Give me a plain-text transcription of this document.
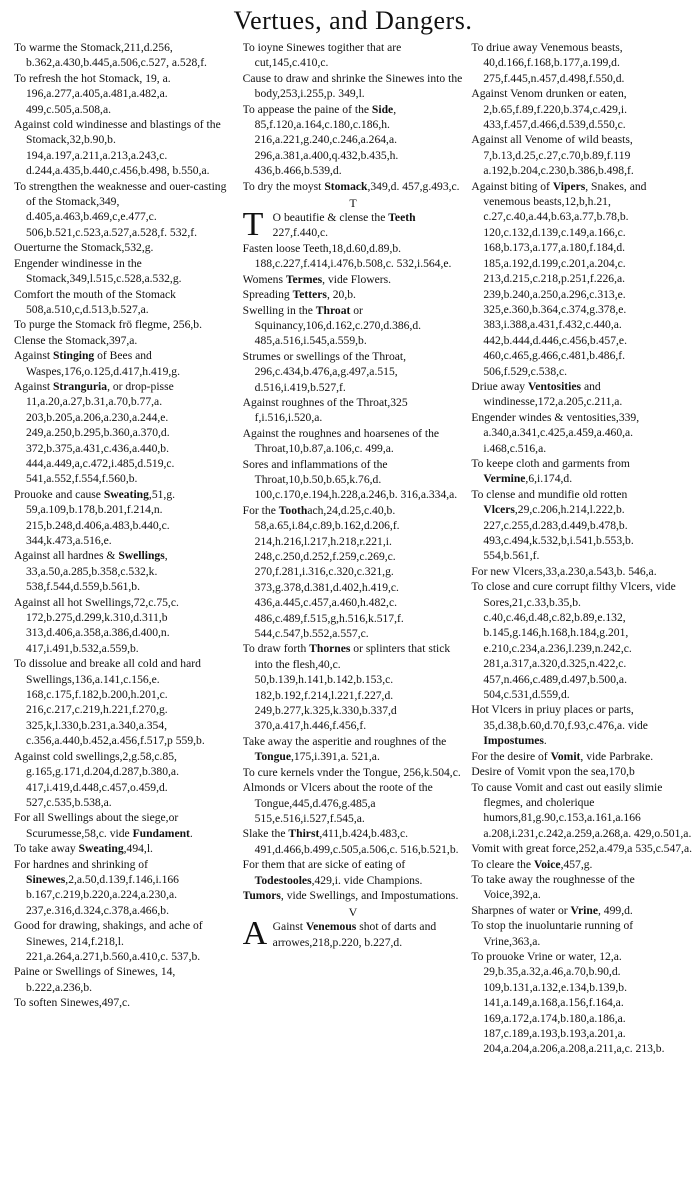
Vertues, and Dangers.

To warme the Stomack,211,d.256, b.362,a.430,b.445,a.506,c.527, a.528,f.

To refresh the hot Stomack, 19, a. 196,a.277,a.405,a.481,a.482,a. 499,c.505,a.508,a.

Against cold windinesse and blastings of the Stomack,32,b.90,b. 194,a.197,a.211,a.213,a.243,c. d.244,a.435,b.440,c.456,b.498, b.550,a.

To strengthen the weaknesse and ouer-casting of the Stomack,349, d.405,a.463,b.469,c,e.477,c. 506,b.521,c.523,a.527,a.528,f. 532,f.

Ouerturne the Stomack,532,g.

Engender windinesse in the Stomack,349,l.515,c.528,a.532,g.

Comfort the mouth of the Stomack 508,a.510,c,d.513,b.527,a.

To purge the Stomack frö flegme, 256,b.

Clense the Stomack,397,a.

Against Stinging of Bees and Waspes,176,o.125,d.417,h.419,g.

Against Stranguria, or drop-pisse 11,a.20,a.27,b.31,a.70,b.77,a. 203,b.205,a.206,a.230,a.244,e. 249,a.250,b.295,b.360,a.370,d. 372,b.375,a.431,c.436,a.440,b. 444,a.449,a,c.472,i.485,d.519,c. 541,a.552,f.554,f.560,b.

Prouoke and cause Sweating,51,g. 59,a.109,b.178,b.201,f.214,n. 215,b.248,d.406,a.483,b.440,c. 344,k.473,a.516,e.

Against all hardnes & Swellings, 33,a.50,a.285,b.358,c.532,k. 538,f.544,d.559,b.561,b.

Against all hot Swellings,72,c.75,c. 172,b.275,d.299,k.310,d.311,b 313,d.406,a.358,a.386,d.400,n. 417,i.491,b.532,a.559,b.

To dissolue and breake all cold and hard Swellings,136,a.141,c.156,e. 168,c.175,f.182,b.200,h.201,c. 216,c.217,c.219,h.221,f.270,g. 325,k,l.330,b.231,a.340,a.354, c.356,a.440,b.452,a.456,f.517,p 559,b.

Against cold swellings,2,g.58,c.85, g.165,g.171,d.204,d.287,b.380,a. 417,i.419,d.448,c.457,o.459,d. 527,c.535,b.538,a.

For all Swellings about the siege,or Scurumesse,58,c. vide Fundament.

To take away Sweating,494,l.

For hardnes and shrinking of Sinewes,2,a.50,d.139,f.146,i.166 b.167,c.219,b.220,a.224,a.230,a. 237,e.316,d.324,c.378,a.466,b.

Good for drawing, shakings, and ache of Sinewes, 214,f.218,l. 221,a.264,a.271,b.560,a.410,c. 537,b.

Paine or Swellings of Sinewes, 14, b.222,a.236,b.

To soften Sinewes,497,c.

To ioyne Sinewes togither that are cut,145,c.410,c.

Cause to draw and shrinke the Sinewes into the body,253,i.255,p. 349,l.

To appease the paine of the Side, 85,f.120,a.164,c.180,c.186,h. 216,a.221,g.240,c.246,a.264,a. 296,a.381,a.400,q.432,b.435,h. 436,b.466,b.539,d.

To dry the moyst Stomack,349,d. 457,g.493,c.

T

T O beautifie & clense the Teeth 227,f.440,c.

Fasten loose Teeth,18,d.60,d.89,b. 188,c.227,f.414,i.476,b.508,c. 532,i.564,e.

Womens Termes, vide Flowers.

Spreading Tetters, 20,b.

Swelling in the Throat or Squinancy,106,d.162,c.270,d.386,d. 485,a.516,i.545,a.559,b.

Strumes or swellings of the Throat, 296,c.434,b.476,a,g.497,a.515, d.516,i.419,b.527,f.

Against roughnes of the Throat,325 f,i.516,i.520,a.

Against the roughnes and hoarsenes of the Throat,10,b.87,a.106,c. 499,a.

Sores and inflammations of the Throat,10,b.50,b.65,k.76,d. 100,c.170,e.194,h.228,a.246,b. 316,a.334,a.

For the Toothach,24,d.25,c.40,b. 58,a.65,i.84,c.89,b.162,d.206,f. 214,h.216,l.217,h.218,r.221,i. 248,c.250,d.252,f.259,c.269,c. 270,f.281,i.316,c.320,c.321,g. 373,g.378,d.381,d.402,h.419,c. 436,a.445,c.457,a.460,h.482,c. 486,c.489,f.515,g,h.516,k.517,f. 544,c.547,b.552,a.557,c.

To draw forth Thornes or splinters that stick into the flesh,40,c. 50,b.139,h.141,b.142,b.153,c. 182,b.192,f.214,l.221,f.227,d. 249,b.277,k.325,k.330,b.337,d 370,a.417,h.446,f.456,f.

Take away the asperitie and roughnes of the Tongue,175,i.391,a. 521,a.

To cure kernels vnder the Tongue, 256,k.504,c.

Almonds or Vlcers about the roote of the Tongue,445,d.476,g.485,a 515,e.516,i.527,f.545,a.

Slake the Thirst,411,b.424,b.483,c. 491,d.466,b.499,c.505,a.506,c. 516,b.521,b.

For them that are sicke of eating of Todestooles,429,i. vide Champions.

Tumors, vide Swellings, and Impostumations.

V

A Gainst Venemous shot of darts and arrowes,218,p.220, b.227,d.

To driue away Venemous beasts, 40,d.166,f.168,b.177,a.199,d. 275,f.445,n.457,d.498,f.550,d.

Against Venom drunken or eaten, 2,b.65,f.89,f.220,b.374,c.429,i. 433,f.457,d.466,d.539,d.550,c.

Against all Venome of wild beasts, 7,b.13,d.25,c.27,c.70,b.89,f.119 a.192,b.204,c.230,b.386,b.498,f.

Against biting of Vipers, Snakes, and venemous beasts,12,b,h.21, c.27,c.40,a.44,b.63,a.77,b.78,b. 120,c.132,d.139,c.149,a.166,c. 168,b.173,a.177,a.180,f.184,d. 185,a.192,d.199,c.201,a.204,c. 213,d.215,c.218,p.251,f.226,a. 239,b.240,a.250,a.296,c.313,e. 325,e.360,b.364,c.374,g.378,e. 383,i.388,a.431,f.432,c.440,a. 442,b.444,d.446,c.456,b.457,e. 460,c.465,g.466,c.481,b.486,f. 506,f.529,c.538,c.

Driue away Ventosities and windinesse,172,a.205,c.211,a.

Engender windes & ventosities,339, a.340,a.341,c.425,a.459,a.460,a. i.468,c.516,a.

To keepe cloth and garments from Vermine,6,i.174,d.

To clense and mundifie old rotten Vlcers,29,c.206,h.214,l.222,b. 227,c.255,d.283,d.449,b.478,b. 493,c.494,k.532,b,i.541,b.553,b. 554,b.561,f.

For new Vlcers,33,a.230,a.543,b. 546,a.

To close and cure corrupt filthy Vlcers, vide Sores,21,c.33,b.35,b. c.40,c.46,d.48,c.82,b.89,e.132, b.145,g.146,h.168,h.184,g.201, e.210,c.234,a.236,l.239,n.242,c. 281,a.317,a.320,d.325,n.422,c. 457,n.466,c.489,d.497,b.500,a. 504,c.531,d.559,d.

Hot Vlcers in priuy places or parts, 35,d.38,b.60,d.70,f.93,c.476,a. vide Impostumes.

For the desire of Vomit, vide Parbrake.

Desire of Vomit vpon the sea,170,b

To cause Vomit and cast out easily slimie flegmes, and cholerique humors,81,g.90,c.153,a.161,a.166 a.208,i.231,c.242,a.259,a.268,a. 429,o.501,a.

Vomit with great force,252,a.479,a 535,c.547,a.

To cleare the Voice,457,g.

To take away the roughnesse of the Voice,392,a.

Sharpnes of water or Vrine, 499,d.

To stop the inuoluntarie running of Vrine,363,a.

To prouoke Vrine or water, 12,a. 29,b.35,a.32,a.46,a.70,b.90,d. 109,b.131,a.132,e.134,b.139,b. 141,a.149,a.168,a.156,f.164,a. 169,a.172,a.174,b.180,a.186,a. 187,c.189,a.193,b.193,a.201,a. 204,a.204,a.206,a.208,a.211,a,c. 213,b.
